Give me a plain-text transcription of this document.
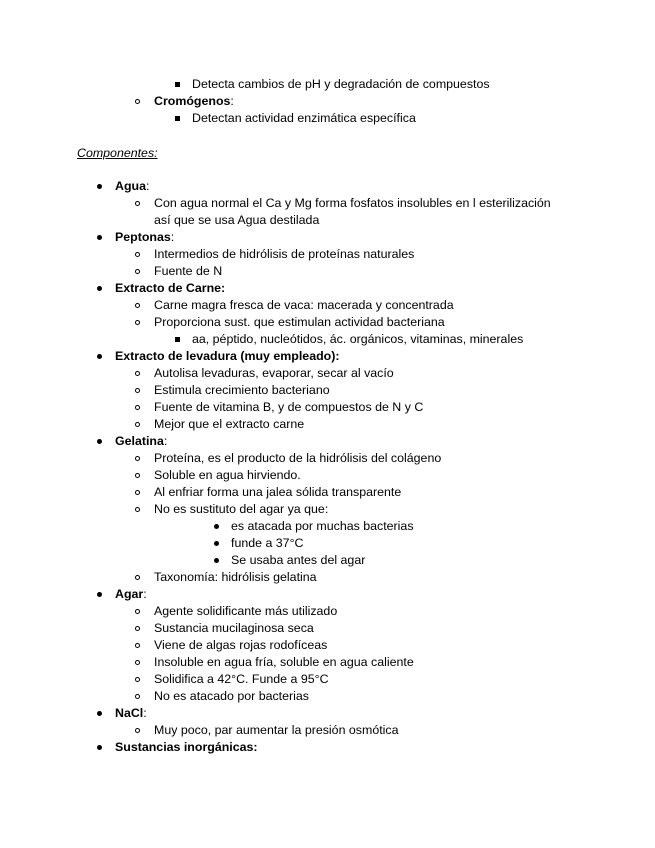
Detecta cambios de pH y degradación de compuestos
Cromógenos:
Detectan actividad enzimática específica
Componentes:
Agua:
Con agua normal el Ca y Mg forma fosfatos insolubles en l esterilización
así que se usa Agua destilada
Peptonas:
Intermedios de hidrólisis de proteínas naturales
Fuente de N
Extracto de Carne:
Carne magra fresca de vaca: macerada y concentrada
Proporciona sust. que estimulan actividad bacteriana
aa, péptido, nucleótidos, ác. orgánicos, vitaminas, minerales
Extracto de levadura (muy empleado):
Autolisa levaduras, evaporar, secar al vacío
Estimula crecimiento bacteriano
Fuente de vitamina B, y de compuestos de N y C
Mejor que el extracto carne
Gelatina:
Proteína, es el producto de la hidrólisis del colágeno
Soluble en agua hirviendo.
Al enfriar forma una jalea sólida transparente
No es sustituto del agar ya que:
es atacada por muchas bacterias
funde a 37°C
Se usaba antes del agar
Taxonomía: hidrólisis gelatina
Agar:
Agente solidificante más utilizado
Sustancia mucilaginosa seca
Viene de algas rojas rodofíceas
Insoluble en agua fría, soluble en agua caliente
Solidifica a 42°C. Funde a 95°C
No es atacado por bacterias
NaCl:
Muy poco, par aumentar la presión osmótica
Sustancias inorgánicas:
